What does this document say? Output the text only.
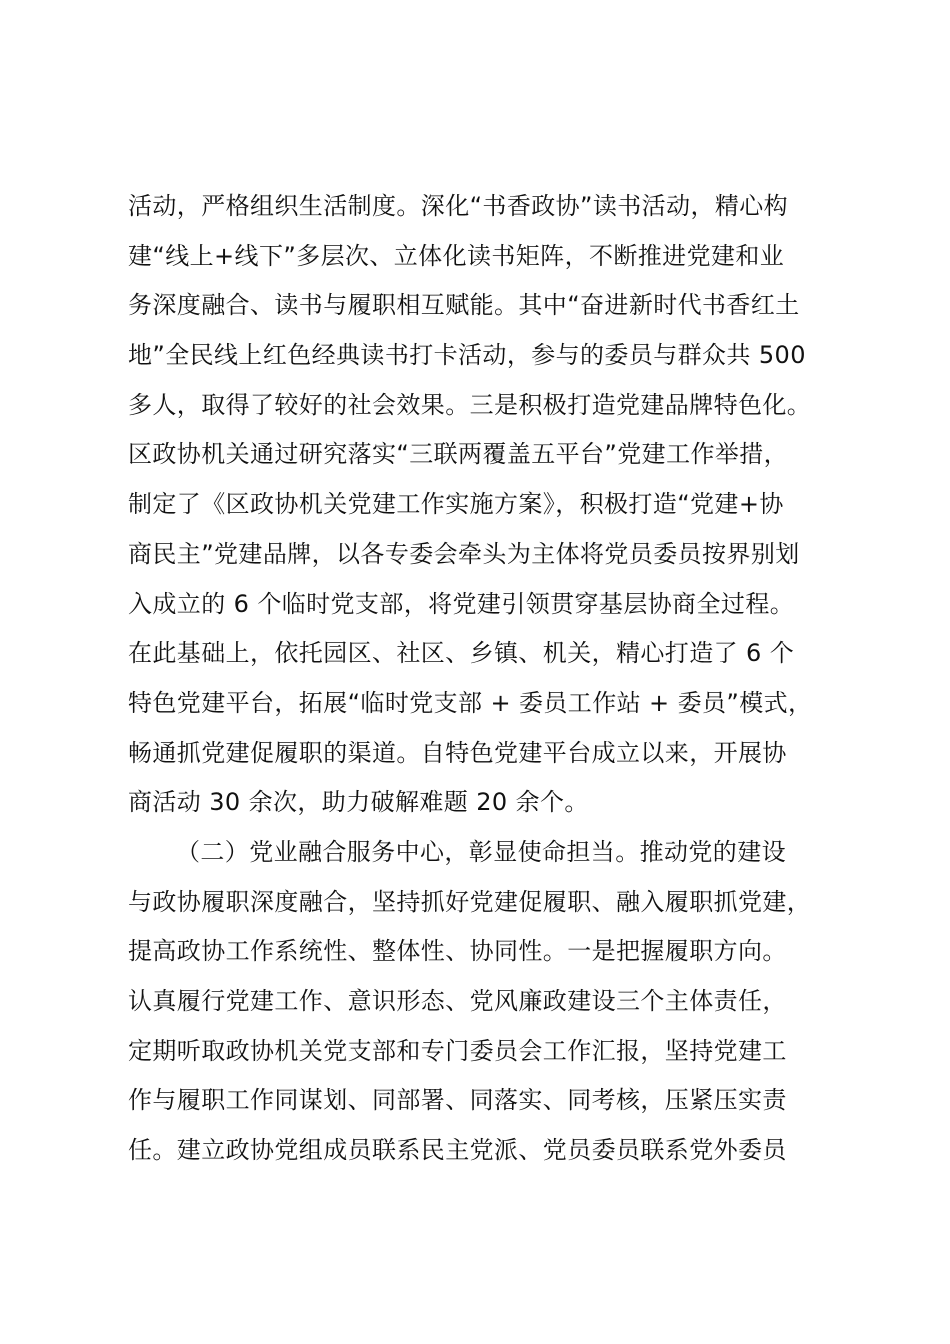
活动，严格组织生活制度。深化“书香政协”读书活动，精心构
建“线上+线下”多层次、立体化读书矩阵，不断推进党建和业
务深度融合、读书与履职相互赋能。其中“奋进新时代书香红土
地”全民线上红色经典读书打卡活动，参与的委员与群众共 500
多人，取得了较好的社会效果。三是积极打造党建品牌特色化。
区政协机关通过研究落实“三联两覆盖五平台”党建工作举措，
制定了《区政协机关党建工作实施方案》，积极打造“党建+协
商民主”党建品牌，以各专委会牵头为主体将党员委员按界别划
入成立的 6 个临时党支部，将党建引领贯穿基层协商全过程。
在此基础上，依托园区、社区、乡镇、机关，精心打造了 6 个
特色党建平台，拓展“临时党支部 + 委员工作站 + 委员”模式，
畅通抓党建促履职的渠道。自特色党建平台成立以来，开展协
商活动 30 余次，助力破解难题 20 余个。
（二）党业融合服务中心，彰显使命担当。推动党的建设
与政协履职深度融合，坚持抓好党建促履职、融入履职抓党建，
提高政协工作系统性、整体性、协同性。一是把握履职方向。
认真履行党建工作、意识形态、党风廉政建设三个主体责任，
定期听取政协机关党支部和专门委员会工作汇报，坚持党建工
作与履职工作同谋划、同部署、同落实、同考核，压紧压实责
任。建立政协党组成员联系民主党派、党员委员联系党外委员
